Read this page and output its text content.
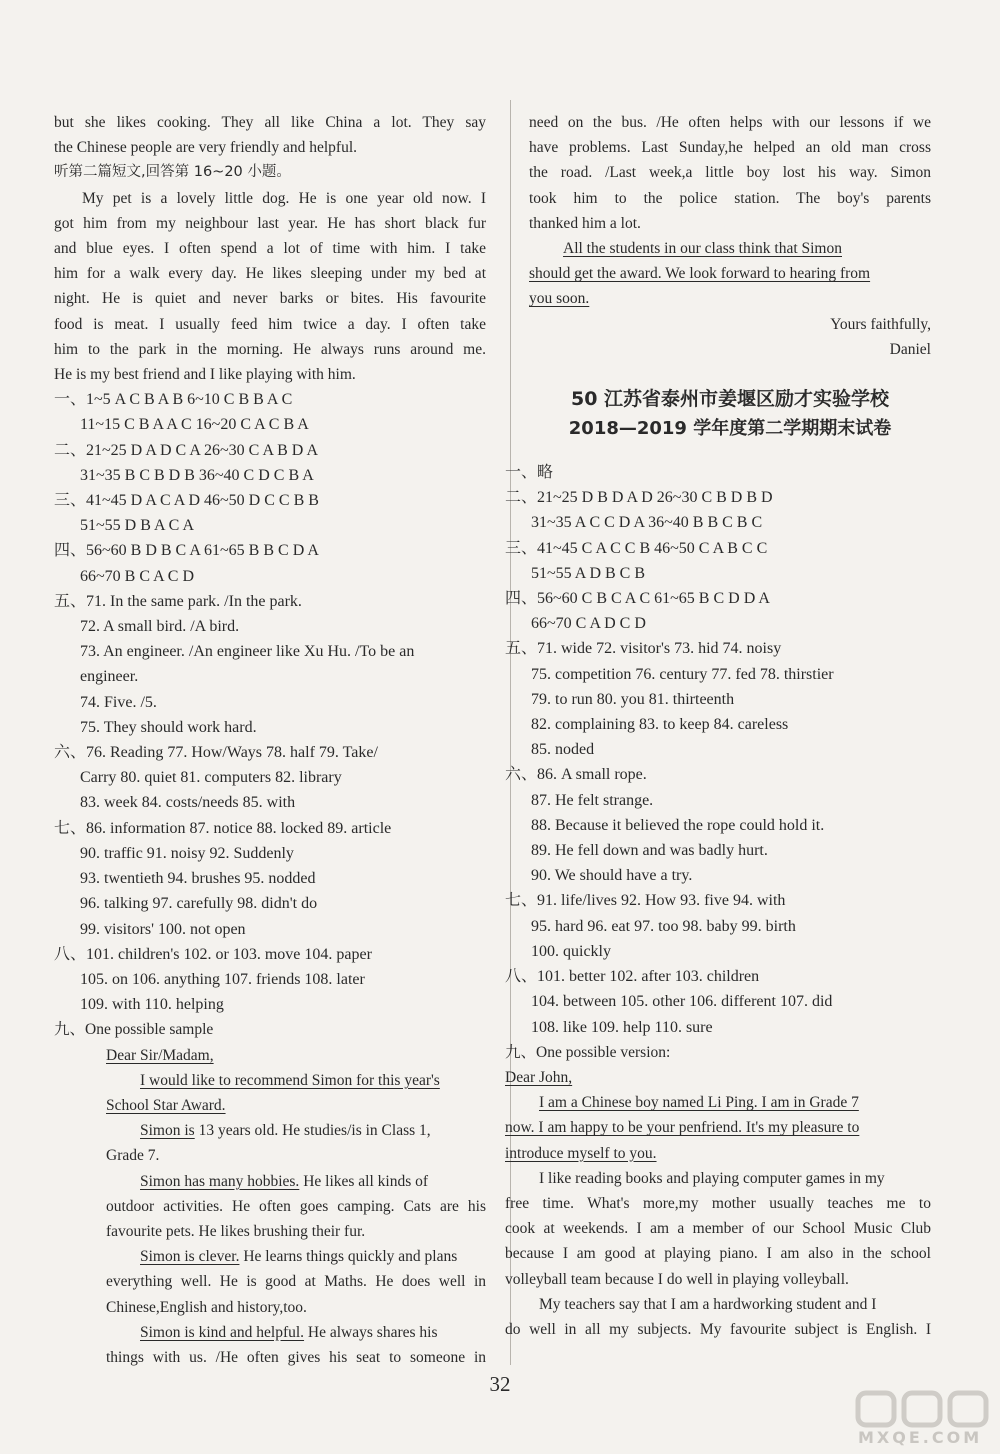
but she likes cooking. They all like China a lot. They say
the Chinese people are very friendly and helpful.
听第二篇短文,回答第 16~20 小题。
My pet is a lovely little dog. He is one year old now. I
got him from my neighbour last year. He has short black fur
and blue eyes. I often spend a lot of time with him. I take
him for a walk every day. He likes sleeping under my bed at
night. He is quiet and never barks or bites. His favourite
food is meat. I usually feed him twice a day. I often take
him to the park in the morning. He always runs around me.
He is my best friend and I like playing with him.
一、1~5 A C B A B 6~10 C B B A C
11~15 C B A A C 16~20 C A C B A
二、21~25 D A D C A 26~30 C A B D A
31~35 B C B D B 36~40 C D C B A
三、41~45 D A C A D 46~50 D C C B B
51~55 D B A C A
四、56~60 B D B C A 61~65 B B C D A
66~70 B C A C D
五、71. In the same park. /In the park.
72. A small bird. /A bird.
73. An engineer. /An engineer like Xu Hu. /To be an
engineer.
74. Five. /5.
75. They should work hard.
六、76. Reading 77. How/Ways 78. half 79. Take/
Carry 80. quiet 81. computers 82. library
83. week 84. costs/needs 85. with
七、86. information 87. notice 88. locked 89. article
90. traffic 91. noisy 92. Suddenly
93. twentieth 94. brushes 95. nodded
96. talking 97. carefully 98. didn't do
99. visitors' 100. not open
八、101. children's 102. or 103. move 104. paper
105. on 106. anything 107. friends 108. later
109. with 110. helping
九、One possible sample
Dear Sir/Madam,
I would like to recommend Simon for this year's
School Star Award.
Simon is 13 years old. He studies/is in Class 1,
Grade 7.
Simon has many hobbies. He likes all kinds of
outdoor activities. He often goes camping. Cats are his
favourite pets. He likes brushing their fur.
Simon is clever. He learns things quickly and plans
everything well. He is good at Maths. He does well in
Chinese,English and history,too.
Simon is kind and helpful. He always shares his
things with us. /He often gives his seat to someone in
need on the bus. /He often helps with our lessons if we
have problems. Last Sunday,he helped an old man cross
the road. /Last week,a little boy lost his way. Simon
took him to the police station. The boy's parents
thanked him a lot.
All the students in our class think that Simon
should get the award. We look forward to hearing from
you soon.
Yours faithfully,
Daniel
50 江苏省泰州市姜堰区励才实验学校
2018—2019 学年度第二学期期末试卷
一、略
二、21~25 D B D A D 26~30 C B D B D
31~35 A C C D A 36~40 B B C B C
三、41~45 C A C C B 46~50 C A B C C
51~55 A D B C B
四、56~60 C B C A C 61~65 B C D D A
66~70 C A D C D
五、71. wide 72. visitor's 73. hid 74. noisy
75. competition 76. century 77. fed 78. thirstier
79. to run 80. you 81. thirteenth
82. complaining 83. to keep 84. careless
85. noded
六、86. A small rope.
87. He felt strange.
88. Because it believed the rope could hold it.
89. He fell down and was badly hurt.
90. We should have a try.
七、91. life/lives 92. How 93. five 94. with
95. hard 96. eat 97. too 98. baby 99. birth
100. quickly
八、101. better 102. after 103. children
104. between 105. other 106. different 107. did
108. like 109. help 110. sure
九、One possible version:
Dear John,
I am a Chinese boy named Li Ping. I am in Grade 7
now. I am happy to be your penfriend. It's my pleasure to
introduce myself to you.
I like reading books and playing computer games in my
free time. What's more,my mother usually teaches me to
cook at weekends. I am a member of our School Music Club
because I am good at playing piano. I am also in the school
volleyball team because I do well in playing volleyball.
My teachers say that I am a hardworking student and I
do well in all my subjects. My favourite subject is English. I
32
MXQE.COM
